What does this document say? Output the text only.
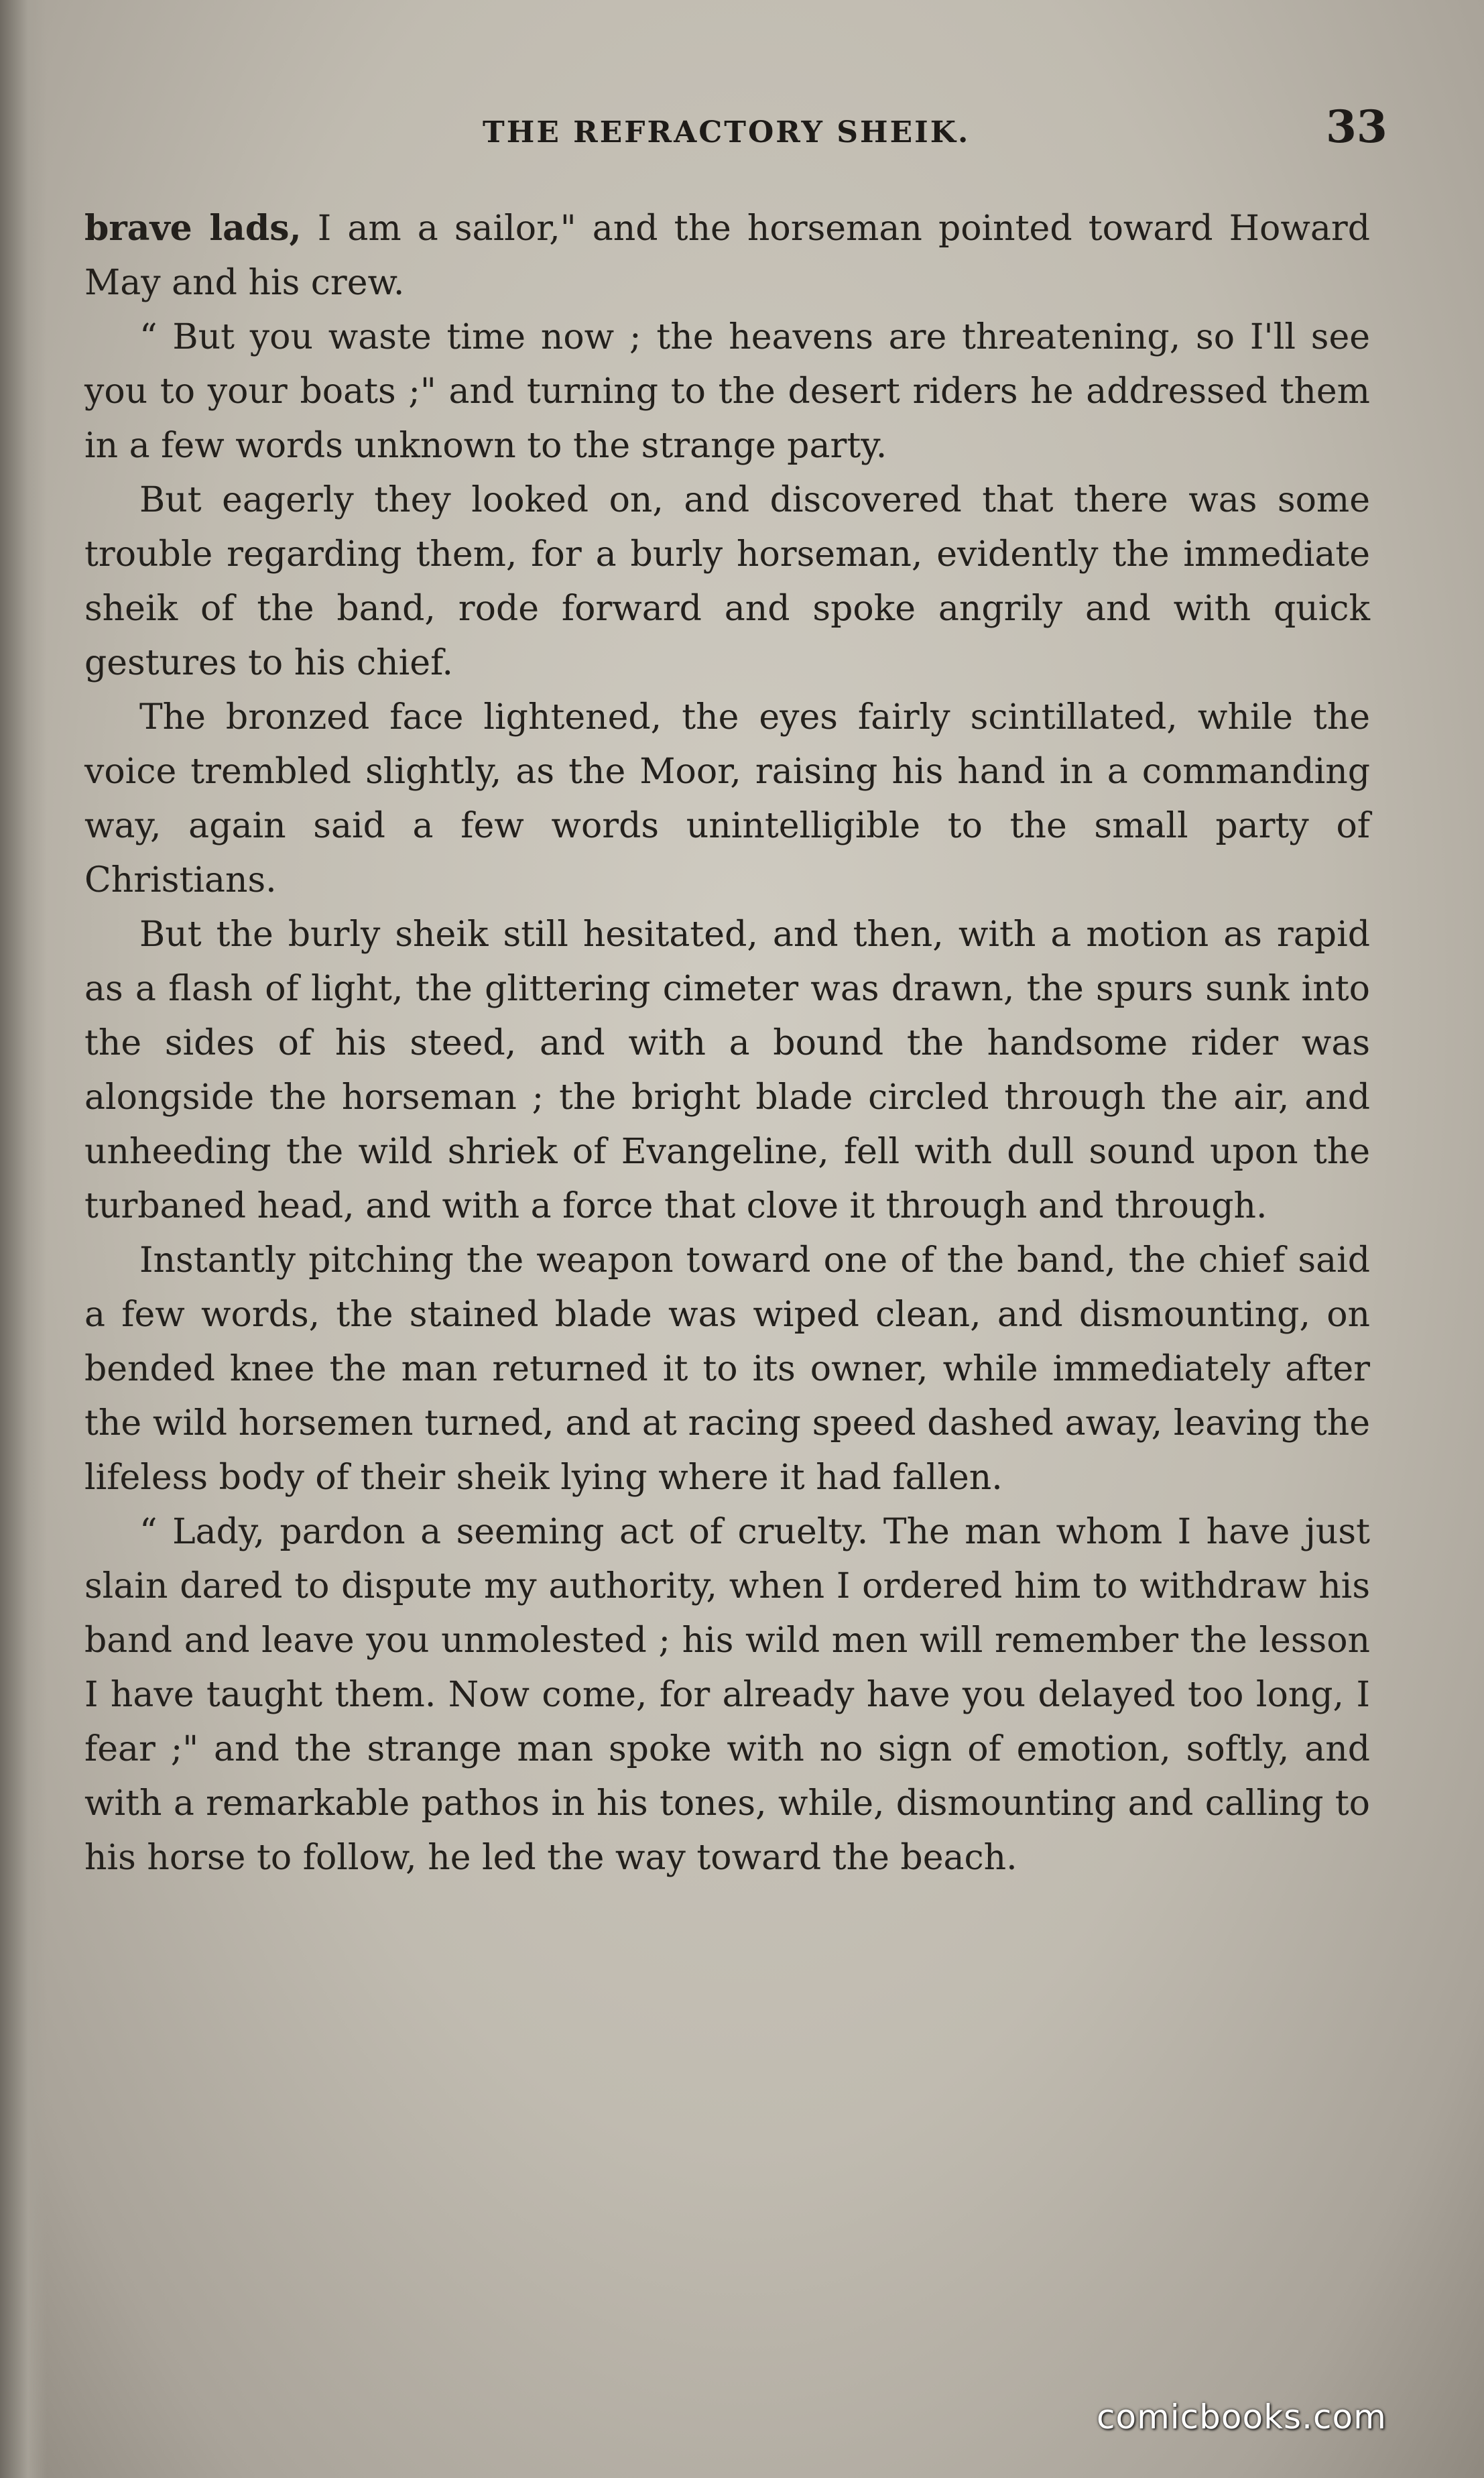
THE REFRACTORY SHEIK.	33

brave lads, I am a sailor," and the horseman pointed toward Howard May and his crew.

“ But you waste time now ; the heavens are threatening, so I'll see you to your boats ;" and turning to the desert riders he addressed them in a few words unknown to the strange party.

But eagerly they looked on, and discovered that there was some trouble regarding them, for a burly horseman, evidently the immediate sheik of the band, rode forward and spoke angrily and with quick gestures to his chief.

The bronzed face lightened, the eyes fairly scintillated, while the voice trembled slightly, as the Moor, raising his hand in a commanding way, again said a few words unintelligible to the small party of Christians.

But the burly sheik still hesitated, and then, with a motion as rapid as a flash of light, the glittering cimeter was drawn, the spurs sunk into the sides of his steed, and with a bound the handsome rider was alongside the horseman ; the bright blade circled through the air, and unheeding the wild shriek of Evangeline, fell with dull sound upon the turbaned head, and with a force that clove it through and through.

Instantly pitching the weapon toward one of the band, the chief said a few words, the stained blade was wiped clean, and dismounting, on bended knee the man returned it to its owner, while immediately after the wild horsemen turned, and at racing speed dashed away, leaving the lifeless body of their sheik lying where it had fallen.

“ Lady, pardon a seeming act of cruelty. The man whom I have just slain dared to dispute my authority, when I ordered him to withdraw his band and leave you unmolested ; his wild men will remember the lesson I have taught them. Now come, for already have you delayed too long, I fear ;" and the strange man spoke with no sign of emotion, softly, and with a remarkable pathos in his tones, while, dismounting and calling to his horse to follow, he led the way toward the beach.

comicbooks.com
